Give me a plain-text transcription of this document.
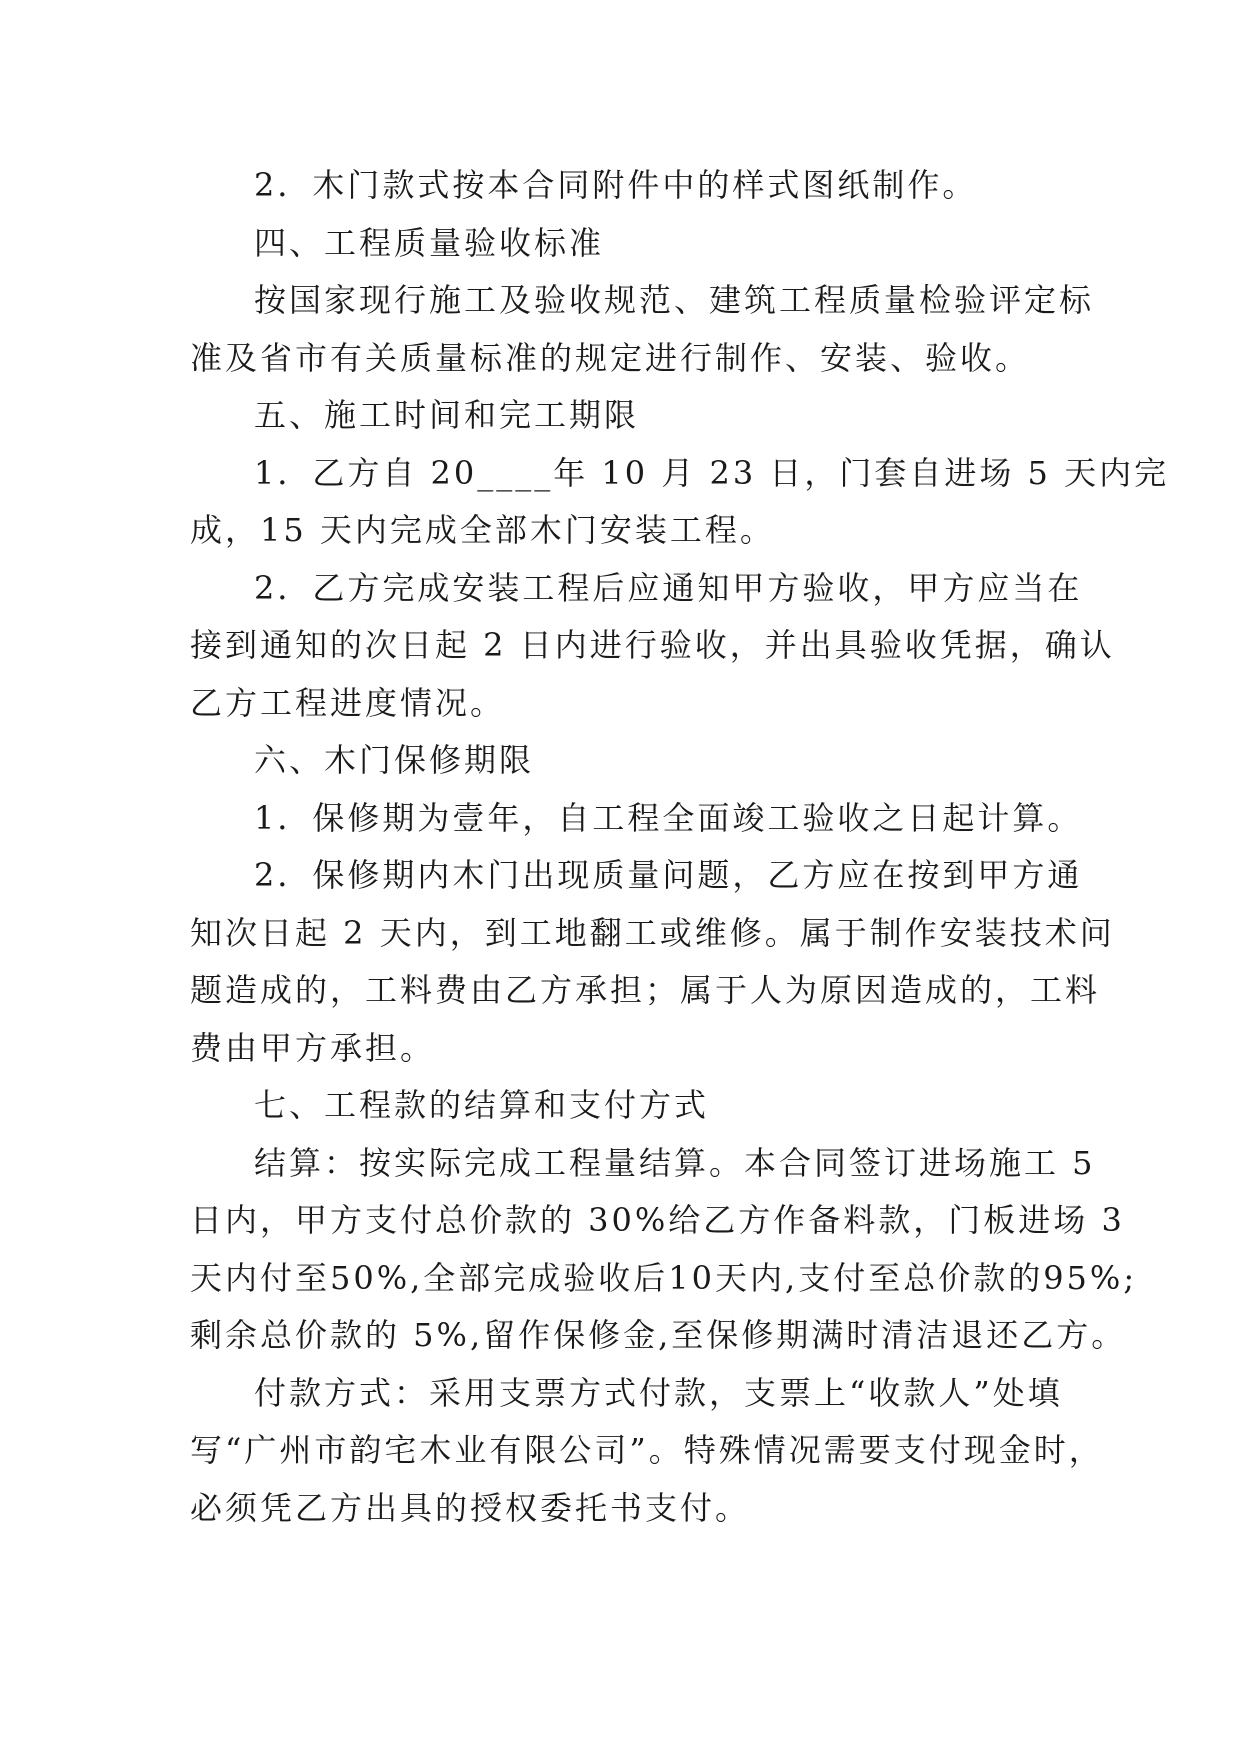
2．木门款式按本合同附件中的样式图纸制作。
四、工程质量验收标准
按国家现行施工及验收规范、建筑工程质量检验评定标
准及省市有关质量标准的规定进行制作、安装、验收。
五、施工时间和完工期限
1．乙方自 20____年 10 月 23 日，门套自进场 5 天内完
成，15 天内完成全部木门安装工程。
2．乙方完成安装工程后应通知甲方验收，甲方应当在
接到通知的次日起 2 日内进行验收，并出具验收凭据，确认
乙方工程进度情况。
六、木门保修期限
1．保修期为壹年，自工程全面竣工验收之日起计算。
2．保修期内木门出现质量问题，乙方应在按到甲方通
知次日起 2 天内，到工地翻工或维修。属于制作安装技术问
题造成的，工料费由乙方承担；属于人为原因造成的，工料
费由甲方承担。
七、工程款的结算和支付方式
结算：按实际完成工程量结算。本合同签订进场施工 5
日内，甲方支付总价款的 30%给乙方作备料款，门板进场 3
天内付至50%,全部完成验收后10天内,支付至总价款的95%;
剩余总价款的 5%,留作保修金,至保修期满时清洁退还乙方。
付款方式：采用支票方式付款，支票上“收款人”处填
写“广州市韵宅木业有限公司”。特殊情况需要支付现金时，
必须凭乙方出具的授权委托书支付。
